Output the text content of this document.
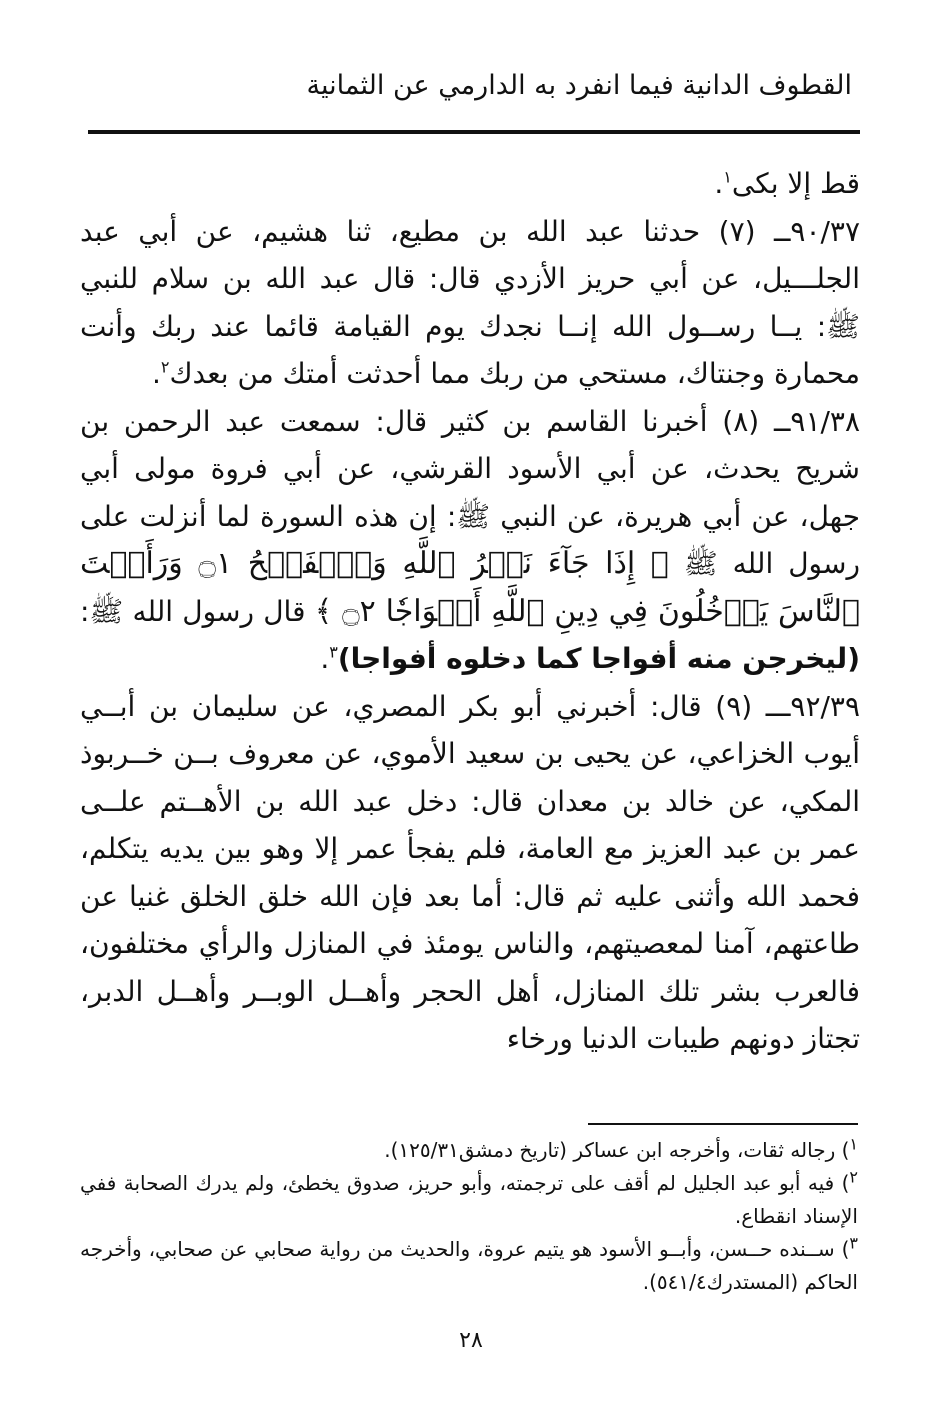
القطوف الدانية فيما انفرد به الدارمي عن الثمانية

قط إلا بكى$^١$.

٩٠/٣٧ــ (٧) حدثنا عبد الله بن مطيع، ثنا هشيم، عن أبي عبد الجلـــيل، عن أبي حريز الأزدي قال: قال عبد الله بن سلام للنبي ﷺ: يــا رســول الله إنــا نجدك يوم القيامة قائما عند ربك وأنت محمارة وجنتاك، مستحي من ربك مما أحدثت أمتك من بعدك$^٢$.

٩١/٣٨ــ (٨) أخبرنا القاسم بن كثير قال: سمعت عبد الرحمن بن شريح يحدث، عن أبي الأسود القرشي، عن أبي فروة مولى أبي جهل، عن أبي هريرة، عن النبي ﷺ: إن هذه السورة لما أنزلت على رسول الله ﷺ ﴿ إِذَا جَآءَ نَصۡرُ ٱللَّهِ وَٱلۡفَتۡحُ ۝١ وَرَأَيۡتَ ٱلنَّاسَ يَدۡخُلُونَ فِي دِينِ ٱللَّهِ أَفۡوَاجٗا ۝٢ ﴾ قال رسول الله ﷺ: (ليخرجن منه أفواجا كما دخلوه أفواجا)$^٣$.

٩٢/٣٩ـــ (٩) قال: أخبرني أبو بكر المصري، عن سليمان بن أبــي أيوب الخزاعي، عن يحيى بن سعيد الأموي، عن معروف بــن خــربوذ المكي، عن خالد بن معدان قال: دخل عبد الله بن الأهــتم علــى عمر بن عبد العزيز مع العامة، فلم يفجأ عمر إلا وهو بين يديه يتكلم، فحمد الله وأثنى عليه ثم قال: أما بعد فإن الله خلق الخلق غنيا عن طاعتهم، آمنا لمعصيتهم، والناس يومئذ في المنازل والرأي مختلفون، فالعرب بشر تلك المنازل، أهل الحجر وأهــل الوبــر وأهــل الدبر، تجتاز دونهم طيبات الدنيا ورخاء

$^١$) رجاله ثقات، وأخرجه ابن عساكر (تاريخ دمشق١٢٥/٣١).

$^٢$) فيه أبو عبد الجليل لم أقف على ترجمته، وأبو حريز، صدوق يخطئ، ولم يدرك الصحابة ففي الإسناد انقطاع.

$^٣$) ســنده حــسن، وأبــو الأسود هو يتيم عروة، والحديث من رواية صحابي عن صحابي، وأخرجه الحاكم (المستدرك٥٤١/٤).

٢٨
